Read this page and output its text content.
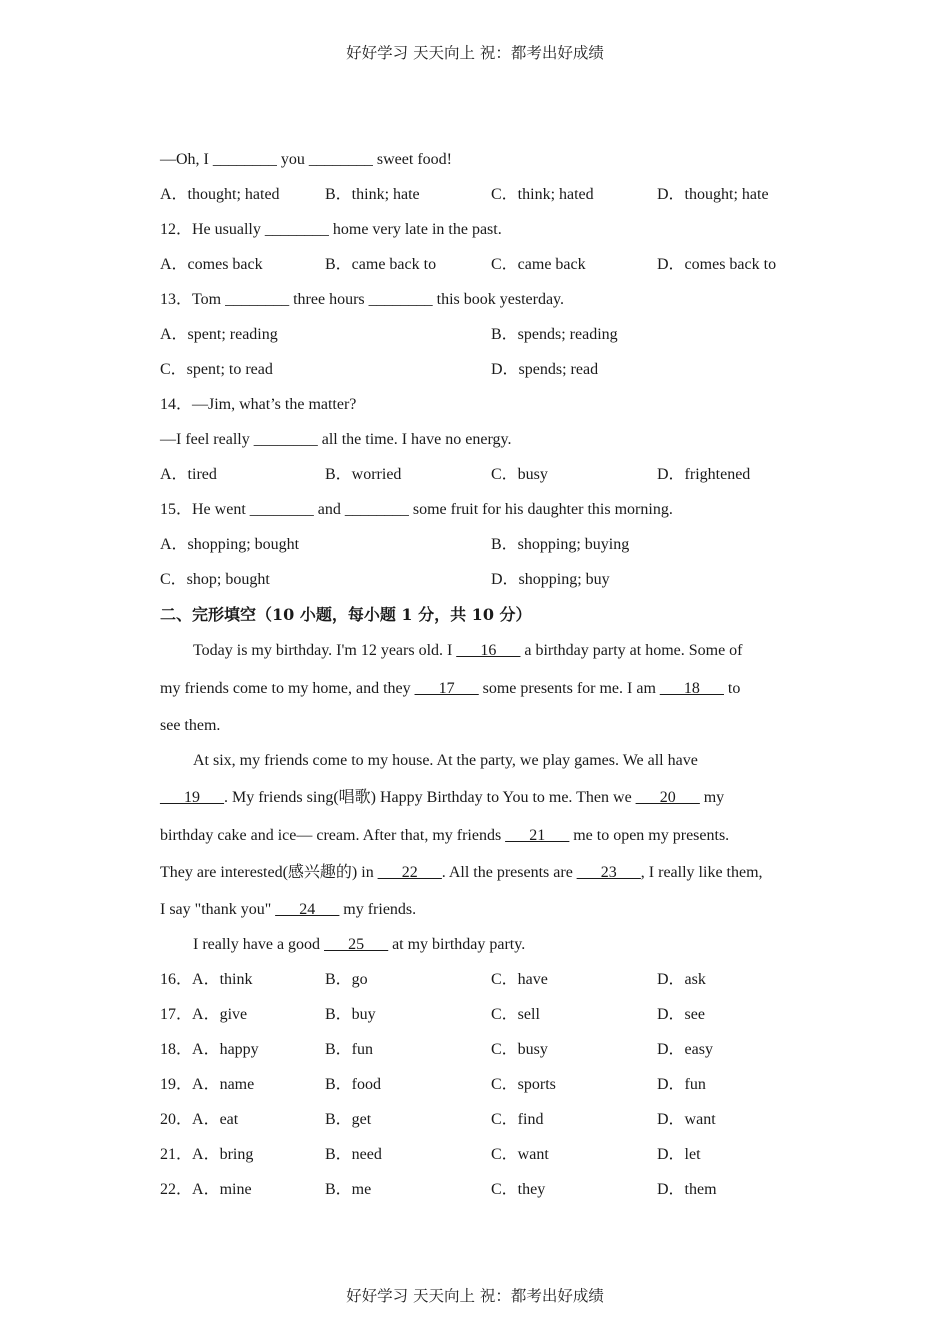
好好学习 天天向上 祝：都考出好成绩
—Oh, I ________ you ________ sweet food!
A．thought; hated	B．think; hate	C．think; hated	D．thought; hate
12．He usually ________ home very late in the past.
A．comes back	B．came back to	C．came back	D．comes back to
13．Tom ________ three hours ________ this book yesterday.
A．spent; reading	B．spends; reading
C．spent; to read	D．spends; read
14．—Jim, what’s the matter?
—I feel really ________ all the time. I have no energy.
A．tired	B．worried	C．busy	D．frightened
15．He went ________ and ________ some fruit for his daughter this morning.
A．shopping; bought	B．shopping; buying
C．shop; bought	D．shopping; buy
二、完形填空（10 小题，每小题 1 分，共 10 分）
Today is my birthday. I'm 12 years old. I ___16___ a birthday party at home. Some of
my friends come to my home, and they ___17___ some presents for me. I am ___18___ to
see them.
At six, my friends come to my house. At the party, we play games. We all have
___19___. My friends sing(唱歌) Happy Birthday to You to me. Then we ___20___ my
birthday cake and ice— cream. After that, my friends ___21___ me to open my presents.
They are interested(感兴趣的) in ___22___. All the presents are ___23___, I really like them,
I say "thank you" ___24___ my friends.
I really have a good ___25___ at my birthday party.
16．A．think	B．go	C．have	D．ask
17．A．give	B．buy	C．sell	D．see
18．A．happy	B．fun	C．busy	D．easy
19．A．name	B．food	C．sports	D．fun
20．A．eat	B．get	C．find	D．want
21．A．bring	B．need	C．want	D．let
22．A．mine	B．me	C．they	D．them
好好学习 天天向上 祝：都考出好成绩
